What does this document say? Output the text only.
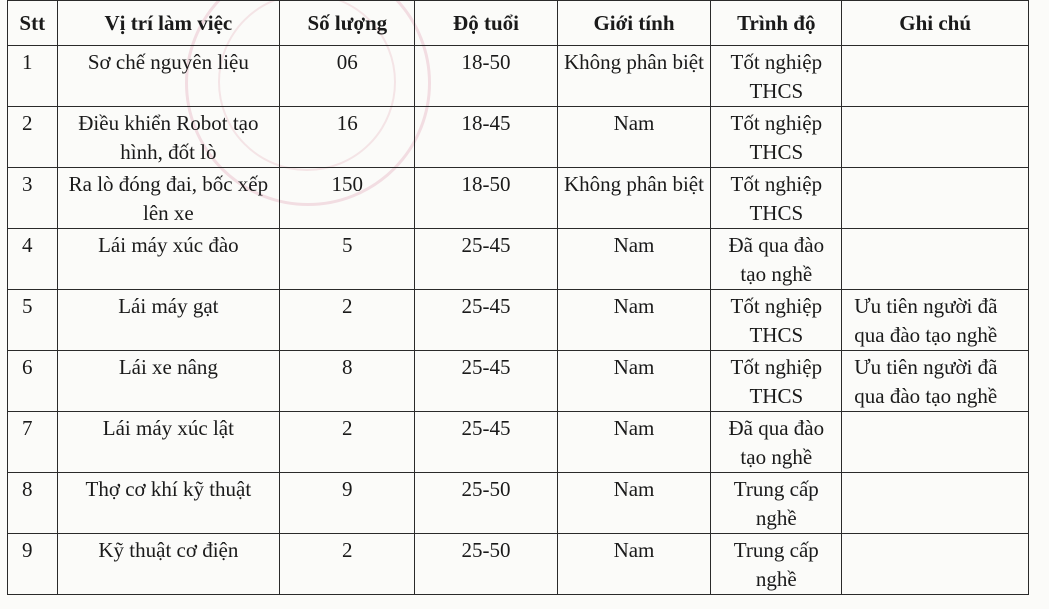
Stt	Vị trí làm việc	Số lượng	Độ tuổi	Giới tính	Trình độ	Ghi chú
1	Sơ chế nguyên liệu	06	18-50	Không phân biệt	Tốt nghiệp THCS	
2	Điều khiển Robot tạo hình, đốt lò	16	18-45	Nam	Tốt nghiệp THCS	
3	Ra lò đóng đai, bốc xếp lên xe	150	18-50	Không phân biệt	Tốt nghiệp THCS	
4	Lái máy xúc đào	5	25-45	Nam	Đã qua đào tạo nghề	
5	Lái máy gạt	2	25-45	Nam	Tốt nghiệp THCS	Ưu tiên người đã qua đào tạo nghề
6	Lái xe nâng	8	25-45	Nam	Tốt nghiệp THCS	Ưu tiên người đã qua đào tạo nghề
7	Lái máy xúc lật	2	25-45	Nam	Đã qua đào tạo nghề	
8	Thợ cơ khí kỹ thuật	9	25-50	Nam	Trung cấp nghề	
9	Kỹ thuật cơ điện	2	25-50	Nam	Trung cấp nghề	
